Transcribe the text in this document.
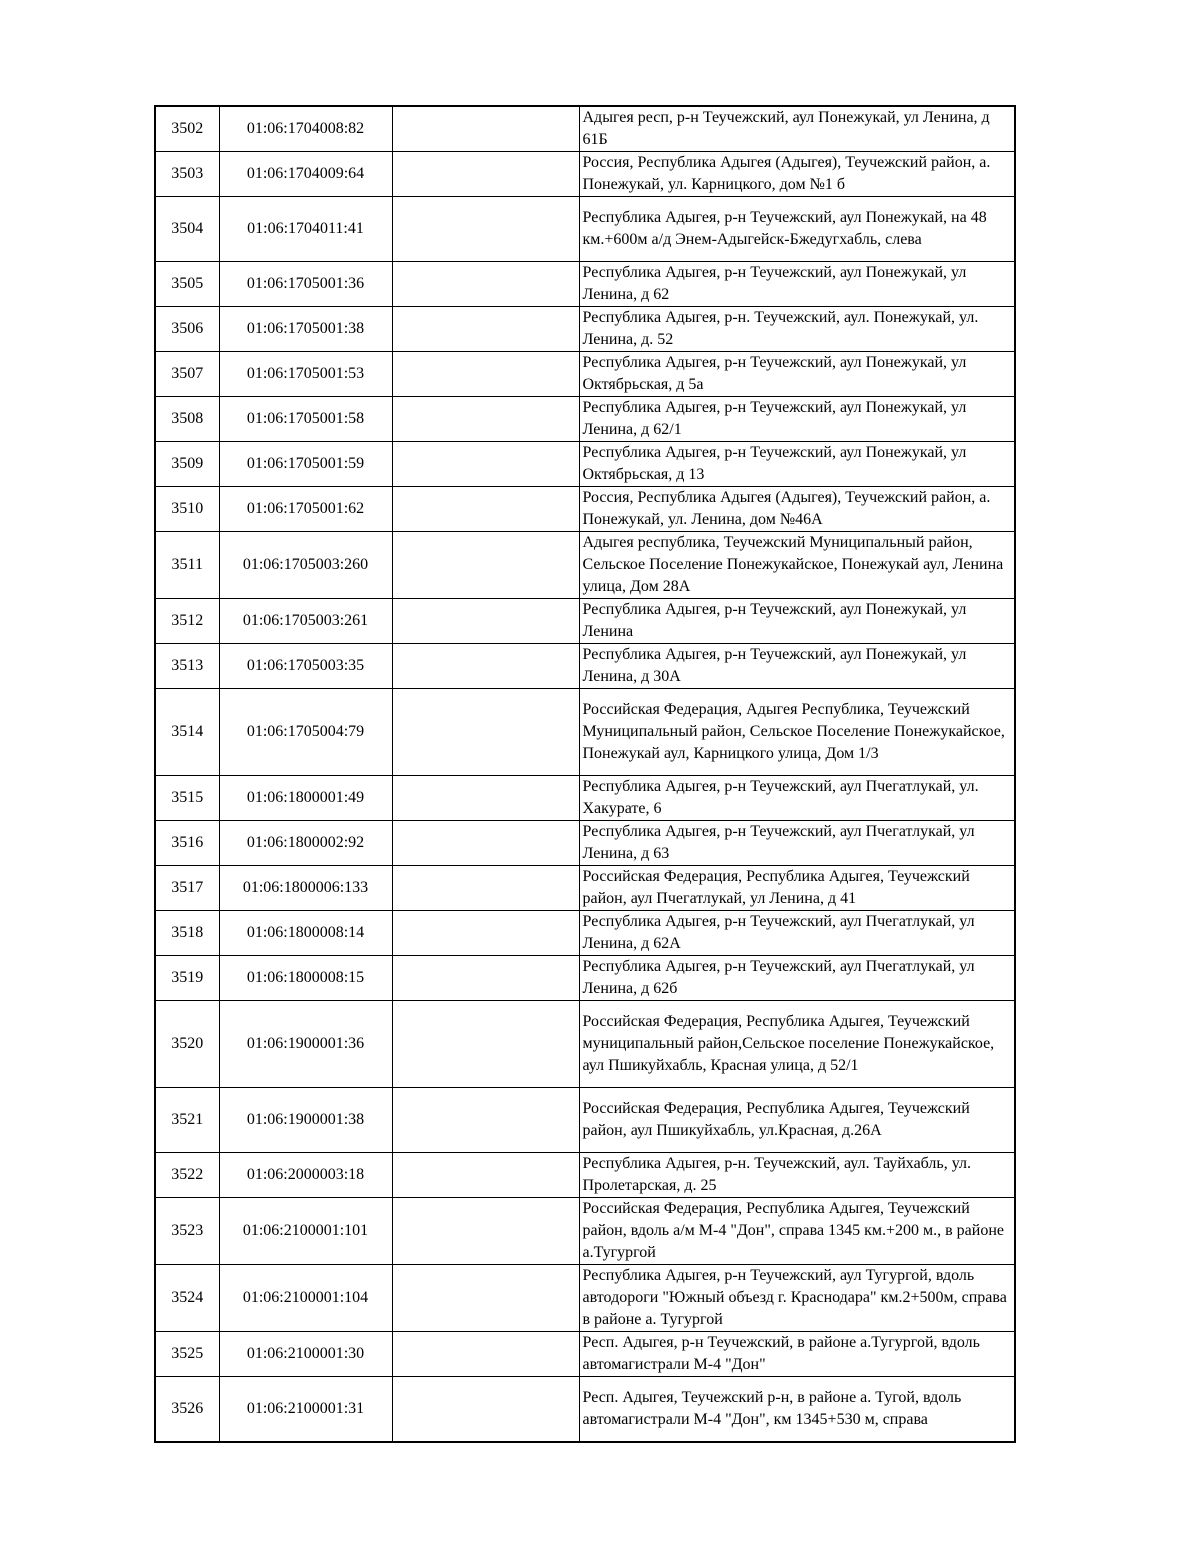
3502	01:06:1704008:82		Адыгея респ, р-н Теучежский, аул Понежукай, ул Ленина, д 61Б
3503	01:06:1704009:64		Россия, Республика Адыгея (Адыгея), Теучежский район, а. Понежукай, ул. Карницкого, дом №1 б
3504	01:06:1704011:41		Республика Адыгея, р-н Теучежский, аул Понежукай, на 48 км.+600м а/д Энем-Адыгейск-Бжедугхабль, слева
3505	01:06:1705001:36		Республика Адыгея, р-н Теучежский, аул Понежукай, ул Ленина, д 62
3506	01:06:1705001:38		Республика Адыгея, р-н. Теучежский, аул. Понежукай, ул. Ленина, д. 52
3507	01:06:1705001:53		Республика Адыгея, р-н Теучежский, аул Понежукай, ул Октябрьская, д 5а
3508	01:06:1705001:58		Республика Адыгея, р-н Теучежский, аул Понежукай, ул Ленина, д 62/1
3509	01:06:1705001:59		Республика Адыгея, р-н Теучежский, аул Понежукай, ул Октябрьская, д 13
3510	01:06:1705001:62		Россия, Республика Адыгея (Адыгея), Теучежский район, а. Понежукай, ул. Ленина, дом №46А
3511	01:06:1705003:260		Адыгея республика, Теучежский Муниципальный район, Сельское Поселение Понежукайское, Понежукай аул, Ленина улица, Дом 28А
3512	01:06:1705003:261		Республика Адыгея, р-н Теучежский, аул Понежукай, ул Ленина
3513	01:06:1705003:35		Республика Адыгея, р-н Теучежский, аул Понежукай, ул Ленина, д 30А
3514	01:06:1705004:79		Российская Федерация, Адыгея Республика, Теучежский Муниципальный район, Сельское Поселение Понежукайское, Понежукай аул, Карницкого улица, Дом 1/3
3515	01:06:1800001:49		Республика Адыгея, р-н Теучежский, аул Пчегатлукай, ул. Хакурате, 6
3516	01:06:1800002:92		Республика Адыгея, р-н Теучежский, аул Пчегатлукай, ул Ленина, д 63
3517	01:06:1800006:133		Российская Федерация, Республика Адыгея, Теучежский район, аул Пчегатлукай, ул Ленина, д 41
3518	01:06:1800008:14		Республика Адыгея, р-н Теучежский, аул Пчегатлукай, ул Ленина, д 62А
3519	01:06:1800008:15		Республика Адыгея, р-н Теучежский, аул Пчегатлукай, ул Ленина, д 62б
3520	01:06:1900001:36		Российская Федерация, Республика Адыгея, Теучежский муниципальный район,Сельское поселение Понежукайское, аул Пшикуйхабль, Красная улица, д 52/1
3521	01:06:1900001:38		Российская Федерация, Республика Адыгея, Теучежский район, аул Пшикуйхабль, ул.Красная, д.26А
3522	01:06:2000003:18		Республика Адыгея, р-н. Теучежский, аул. Тауйхабль, ул. Пролетарская, д. 25
3523	01:06:2100001:101		Российская Федерация, Республика Адыгея, Теучежский район, вдоль а/м М-4 "Дон", справа 1345 км.+200 м., в районе а.Тугургой
3524	01:06:2100001:104		Республика Адыгея, р-н Теучежский, аул Тугургой, вдоль автодороги "Южный объезд г. Краснодара" км.2+500м, справа в районе а. Тугургой
3525	01:06:2100001:30		Респ. Адыгея, р-н Теучежский, в районе а.Тугургой, вдоль автомагистрали М-4 "Дон"
3526	01:06:2100001:31		Респ. Адыгея, Теучежский р-н, в районе а. Тугой, вдоль автомагистрали М-4 "Дон", км 1345+530 м, справа
